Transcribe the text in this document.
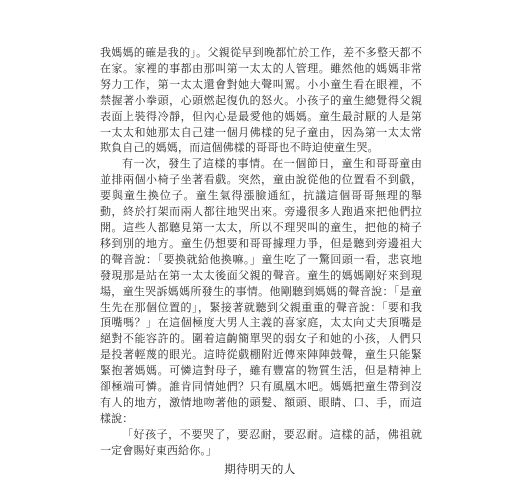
我媽媽的確是我的」。父親從早到晚都忙於工作，差不多整天都不在家。家裡的事都由那叫第一太太的人管理。雖然他的媽媽非常努力工作，第一太太還會對她大聲叫罵。小小童生看在眼裡，不禁握著小拳頭，心頭燃起復仇的怒火。小孩子的童生總覺得父親表面上裝得冷靜，但內心是最愛他的媽媽。童生最討厭的人是第一太太和她那太自己建一個月佛樣的兒子童由，因為第一太太常欺負自己的媽媽，而這個佛樣的哥哥也不時迫使童生哭。

有一次，發生了這樣的事情。在一個節日，童生和哥哥童由並排兩個小椅子坐著看戲。突然，童由說從他的位置看不到戲，要與童生換位子。童生氣得漲臉通紅，抗議這個哥哥無理的舉動，終於打架而兩人都往地哭出來。旁邊很多人跑過來把他們拉開。這些人都聽見第一太太，所以不理哭叫的童生，把他的椅子移到別的地方。童生仍想要和哥哥據理力爭，但是聽到旁邊祖大的聲音說：「要換就給他換嘛。」童生吃了一驚回頭一看，悲哀地發現那是站在第一太太後面父親的聲音。童生的媽媽剛好來到現場，童生哭訴媽媽所發生的事情。他剛聽到媽媽的聲音說：「是童生先在那個位置的」，緊接著就聽到父親重重的聲音說：「要和我頂嘴嗎？」在這個極度大男人主義的喜家庭，太太向丈夫頂嘴是絕對不能容許的。圍着這齣簡單哭的弱女子和她的小孩，人們只是投著輕蔑的眼光。這時從戲棚附近傳來陣陣鼓聲，童生只能緊緊抱著媽媽。可憐這對母子，雖有豐富的物質生活，但是精神上卻極端可憐。誰肯同情她們？只有風凰木吧。媽媽把童生帶到沒有人的地方，激情地吻著他的頭髮、額頭、眼睛、口、手，而這樣說：

「好孩子，不要哭了，要忍耐，要忍耐。這樣的話，佛祖就一定會賜好東西給你。」

期待明天的人
